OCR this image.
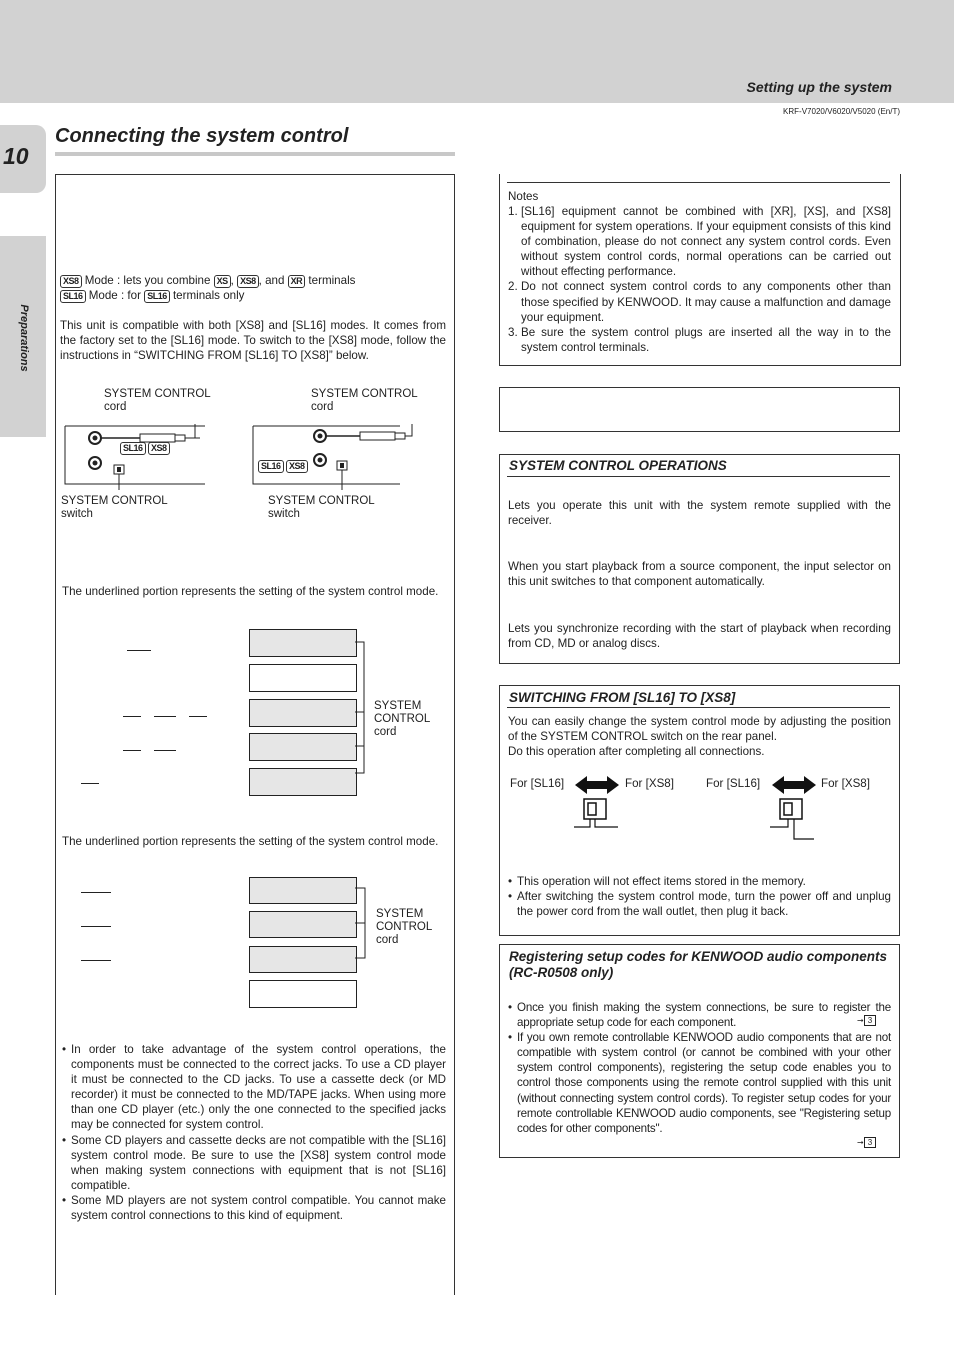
Setting up the system
KRF-V7020/V6020/V5020 (En/T)
10
Preparations
Connecting the system control
XS8 Mode : lets you combine XS , XS8 , and XR terminals
SL16 Mode : for SL16 terminals only
This unit is compatible with both [XS8] and [SL16] modes. It comes from the factory set to the [SL16] mode. To switch to the [XS8] mode, follow the instructions in “SWITCHING FROM [SL16] TO [XS8]” below.
SYSTEM CONTROL
cord
SYSTEM CONTROL
cord
SL16 XS8
SL16 XS8
SYSTEM CONTROL
switch
SYSTEM CONTROL
switch
The underlined portion represents the setting of the system control mode.
SYSTEM
CONTROL
cord
The underlined portion represents the setting of the system control mode.
SYSTEM
CONTROL
cord
• In order to take advantage of the system control operations, the components must be connected to the correct jacks. To use a CD player it must be connected to the CD jacks. To use a cassette deck (or MD recorder) it must be connected to the MD/TAPE jacks. When using more than one CD player (etc.) only the one connected to the specified jacks may be connected for system control.
• Some CD players and cassette decks are not compatible with the [SL16] system control mode. Be sure to use the [XS8] system control mode when making system connections with equipment that is not [SL16] compatible.
• Some MD players are not system control compatible. You cannot make system control connections to this kind of equipment.
Notes
1. [SL16] equipment cannot be combined with [XR], [XS], and [XS8] equipment for system operations. If your equipment consists of this kind of combination, please do not connect any system control cords. Even without system control cords, normal operations can be carried out without effecting performance.
2. Do not connect system control cords to any components other than those specified by KENWOOD. It may cause a malfunction and damage your equipment.
3. Be sure the system control plugs are inserted all the way in to the system control terminals.
SYSTEM CONTROL OPERATIONS
Lets you operate this unit with the system remote supplied with the receiver.
When you start playback from a source component, the input selector on this unit switches to that component automatically.
Lets you synchronize recording with the start of playback when recording from CD, MD or analog discs.
SWITCHING FROM [SL16] TO [XS8]
You can easily change the system control mode by adjusting the position of the SYSTEM CONTROL switch on the rear panel.
Do this operation after completing all connections.
For [SL16]	For [XS8]	For [SL16]	For [XS8]
• This operation will not effect items stored in the memory.
• After switching the system control mode, turn the power off and unplug the power cord from the wall outlet, then plug it back.
Registering setup codes for KENWOOD audio components (RC-R0508 only)
• Once you finish making the system connections, be sure to register the appropriate setup code for each component.
• If you own remote controllable KENWOOD audio components that are not compatible with system control (or cannot be combined with your other system control components), registering the setup code enables you to control those components using the remote control supplied with this unit (without connecting system control cords). To register setup codes for your remote controllable KENWOOD audio components, see "Registering setup codes for other components".
➞ 3
➞ 3
